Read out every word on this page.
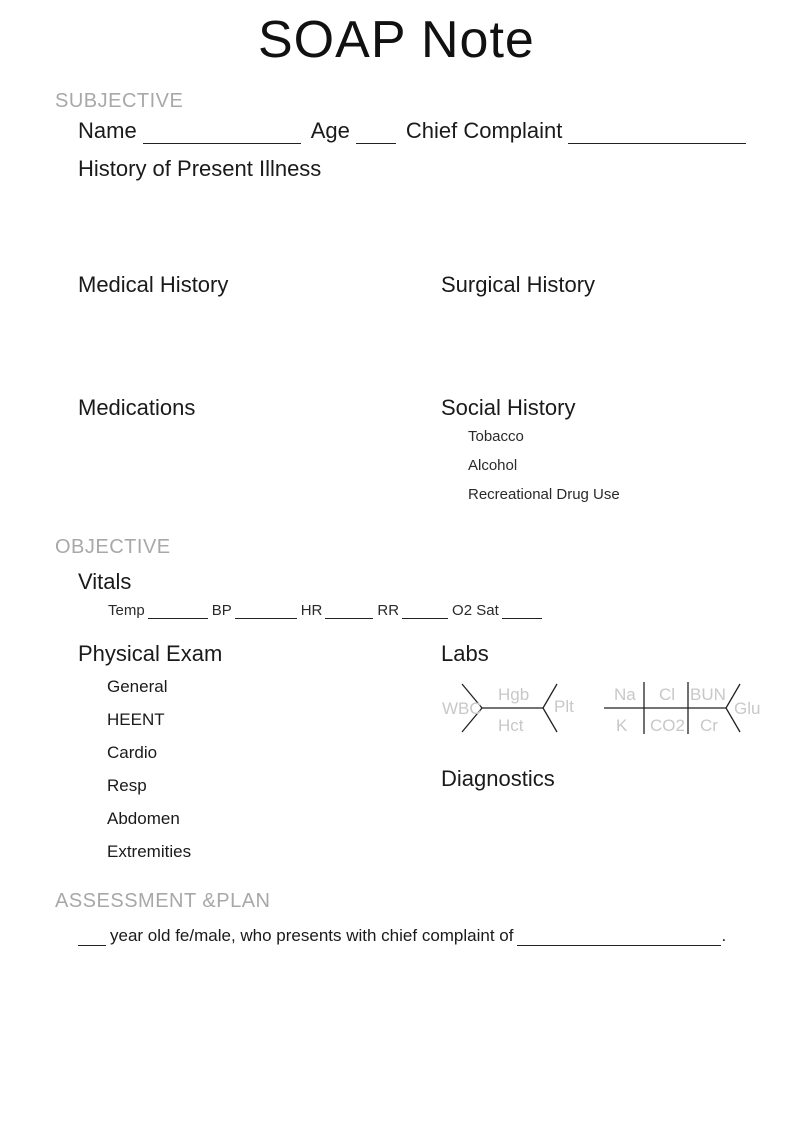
SOAP Note
SUBJECTIVE
Name	Age	Chief Complaint
History of Present Illness
Medical History	Surgical History
Medications	Social History
Tobacco
Alcohol
Recreational Drug Use
OBJECTIVE
Vitals
Temp	BP	HR	RR	O2 Sat
Physical Exam
General
HEENT
Cardio
Resp
Abdomen
Extremities
Labs
WBC
Hgb
Hct
Plt
Na Cl BUN
K CO2 Cr
Glu
Diagnostics
ASSESSMENT &PLAN
year old fe/male, who presents with chief complaint of	.
